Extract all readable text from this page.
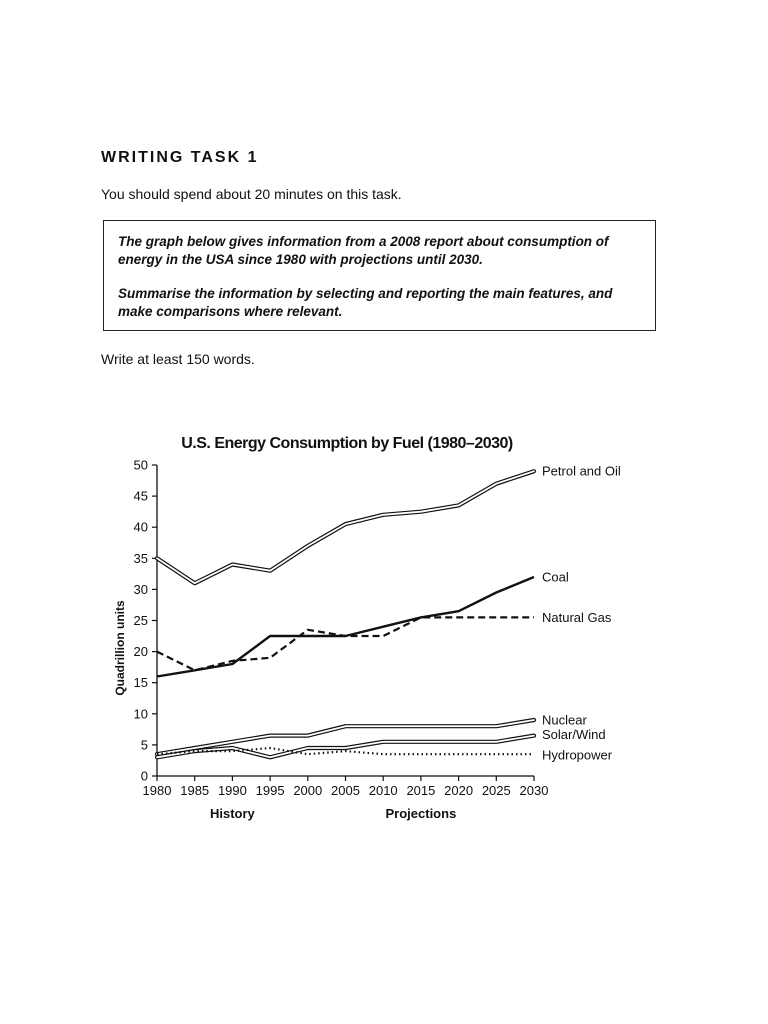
WRITING TASK 1
You should spend about 20 minutes on this task.

The graph below gives information from a 2008 report about consumption of energy in the USA since 1980 with projections until 2030.

Summarise the information by selecting and reporting the main features, and make comparisons where relevant.

Write at least 150 words.
U.S. Energy Consumption by Fuel (1980–2030)
Quadrillion units
0
5
10
15
20
25
30
35
40
45
50
1980 1985 1990 1995 2000 2005 2010 2015 2020 2025 2030
History	Projections
Petrol and Oil
Coal
Natural Gas
Nuclear
Solar/Wind
Hydropower
